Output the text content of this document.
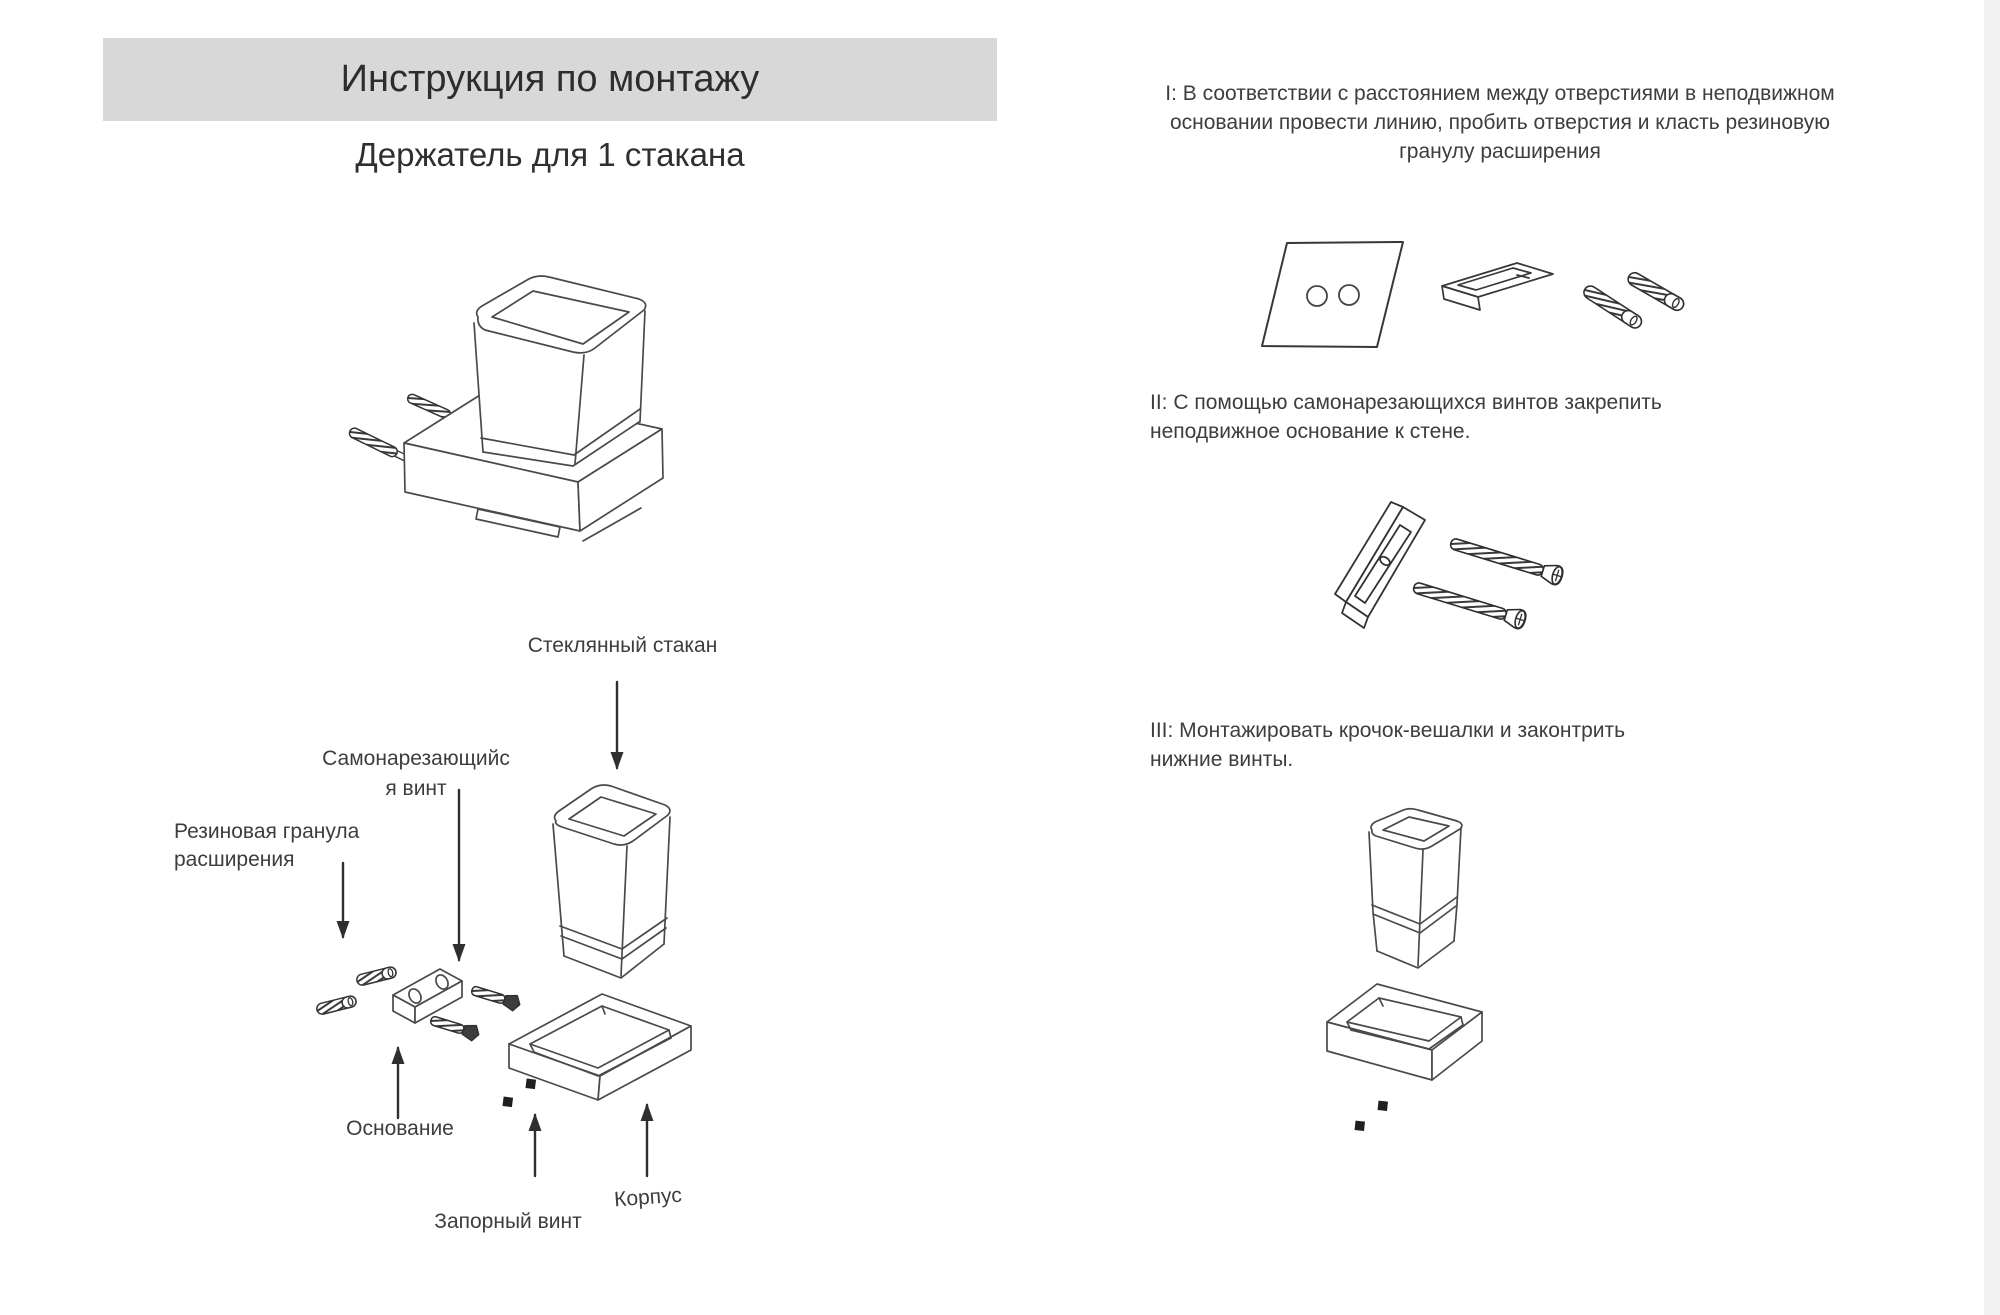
Инструкция по монтажу
Держатель для 1 стакана
Стеклянный стакан
Самонарезающийс
я винт
Резиновая гранула
расширения
Основание
Запорный винт
Корпус
I: В соответствии с расстоянием между отверстиями в неподвижном
основании провести линию, пробить отверстия и класть резиновую
гранулу расширения
II: С помощью самонарезающихся винтов закрепить
неподвижное основание к стене.
III: Монтажировать крочок-вешалки и законтрить
нижние винты.
